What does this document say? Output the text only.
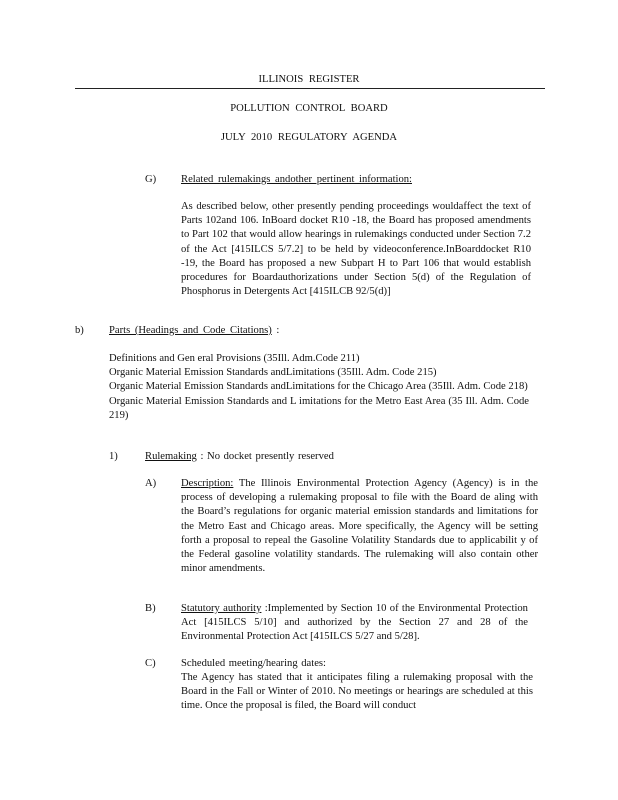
ILLINOIS REGISTER
POLLUTION CONTROL BOARD
JULY 2010 REGULATORY AGENDA
G) Related rulemakings andother pertinent information:
As described below, other presently pending proceedings wouldaffect the text of Parts 102and 106. InBoard docket R10 -18, the Board has proposed amendments to Part 102 that would allow hearings in rulemakings conducted under Section 7.2 of the Act [415ILCS 5/7.2] to be held by videoconference.InBoarddocket R10 -19, the Board has proposed a new Subpart H to Part 106 that would establish procedures for Boardauthorizations under Section 5(d) of the Regulation of Phosphorus in Detergents Act [415ILCB 92/5(d)]
b) Parts (Headings and Code Citations) :

Definitions and Gen eral Provisions (35Ill. Adm.Code 211)

Organic Material Emission Standards andLimitations (35Ill. Adm. Code 215)

Organic Material Emission Standards andLimitations for the Chicago Area (35Ill. Adm. Code 218)

Organic Material Emission Standards and L imitations for the Metro East Area (35 Ill. Adm. Code 219)

1)	Rulemaking : No docket presently reserved
A) Description: The Illinois Environmental Protection Agency (Agency) is in the process of developing a rulemaking proposal to file with the Board de aling with the Board’s regulations for organic material emission standards and limitations for the Metro East and Chicago areas. More specifically, the Agency will be setting forth a proposal to repeal the Gasoline Volatility Standards due to applicabilit y of the Federal gasoline volatility standards. The rulemaking will also contain other minor amendments.
B) Statutory authority :Implemented by Section 10 of the Environmental Protection Act [415ILCS 5/10] and authorized by the Section 27 and 28 of the Environmental Protection Act [415ILCS 5/27 and 5/28].
C) Scheduled meeting/hearing dates:
The Agency has stated that it anticipates filing a rulemaking proposal with the Board in the Fall or Winter of 2010. No meetings or hearings are scheduled at this time. Once the proposal is filed, the Board will conduct
